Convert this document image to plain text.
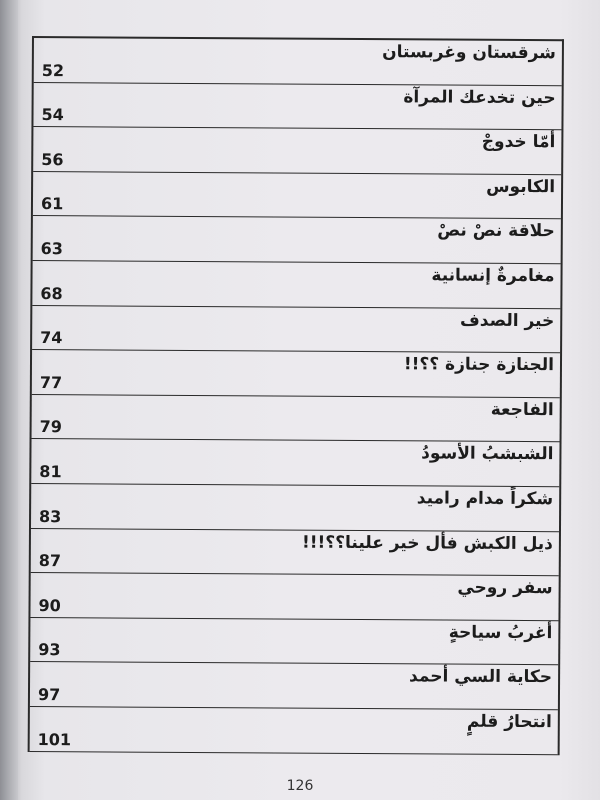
شرقستان وغربستان
52
حين تخدعك المرآة
54
أمّا خدوجْ
56
الكابوس
61
حلاقة نصْ نصْ
63
مغامرةٌ إنسانية
68
خير الصدف
74
الجنازة جنازة ؟؟!!
77
الفاجعة
79
الشبشبُ الأسودُ
81
شكراً مدام راميد
83
ذيل الكبش فأل خير علينا؟؟!!!
87
سفر روحي
90
أغربُ سياحةٍ
93
حكاية السي أحمد
97
انتحارُ قلمٍ
101
126
